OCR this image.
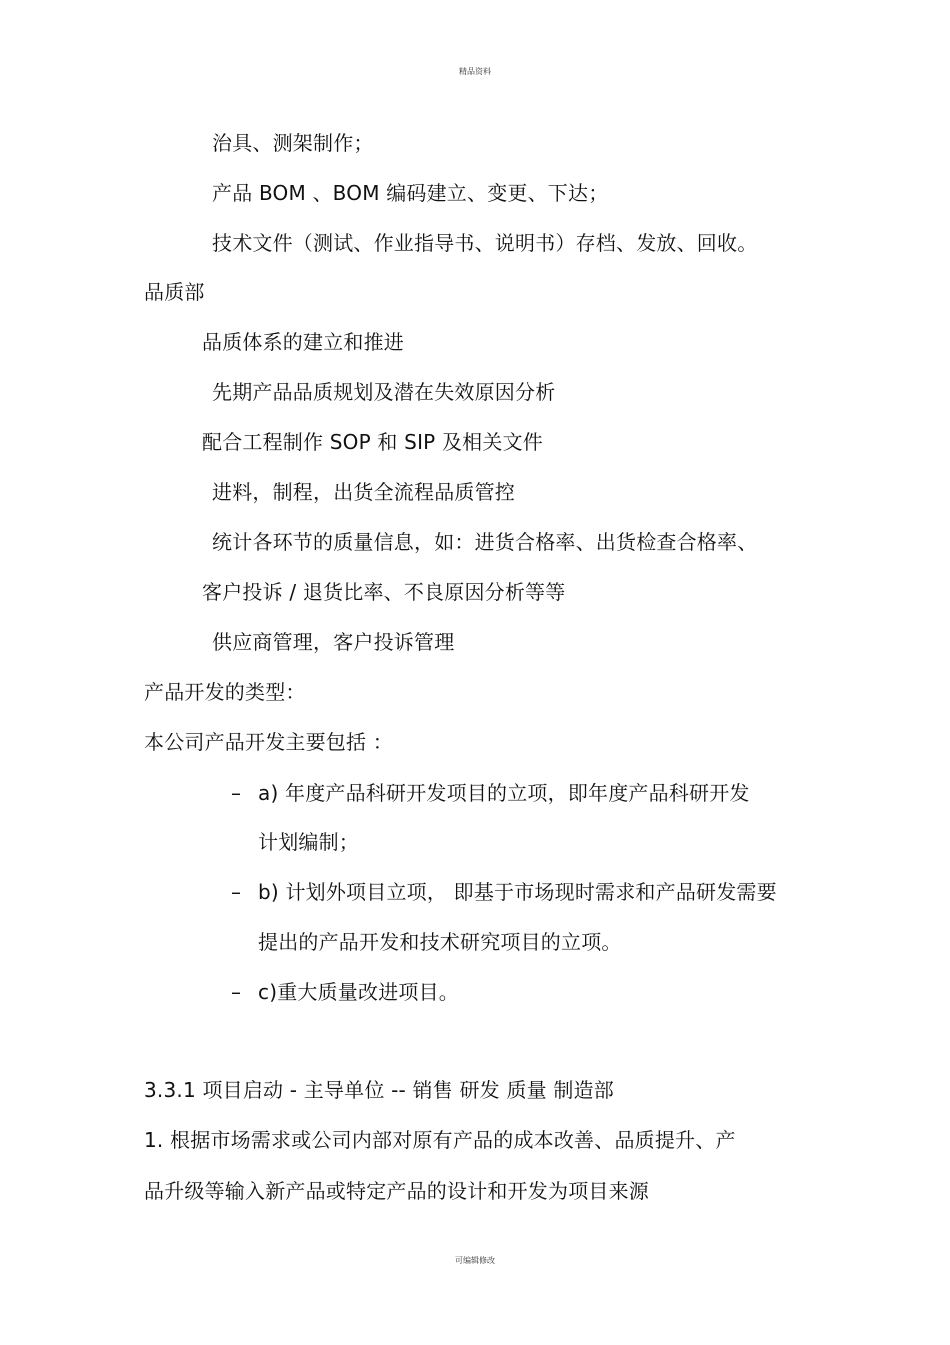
精品资料
治具、测架制作；
产品 BOM 、BOM 编码建立、变更、下达；
技术文件（测试、作业指导书、说明书）存档、发放、回收。
品质部
品质体系的建立和推进
先期产品品质规划及潜在失效原因分析
配合工程制作 SOP 和 SIP 及相关文件
进料，制程，出货全流程品质管控
统计各环节的质量信息，如：进货合格率、出货检查合格率、
客户投诉 / 退货比率、不良原因分析等等
供应商管理，客户投诉管理
产品开发的类型：
本公司产品开发主要包括 ：
– a) 年度产品科研开发项目的立项，即年度产品科研开发
计划编制；
– b) 计划外项目立项， 即基于市场现时需求和产品研发需要
提出的产品开发和技术研究项目的立项。
– c)重大质量改进项目。
3.3.1 项目启动 - 主导单位 -- 销售 研发 质量 制造部
1. 根据市场需求或公司内部对原有产品的成本改善、品质提升、产
品升级等输入新产品或特定产品的设计和开发为项目来源
可编辑修改
